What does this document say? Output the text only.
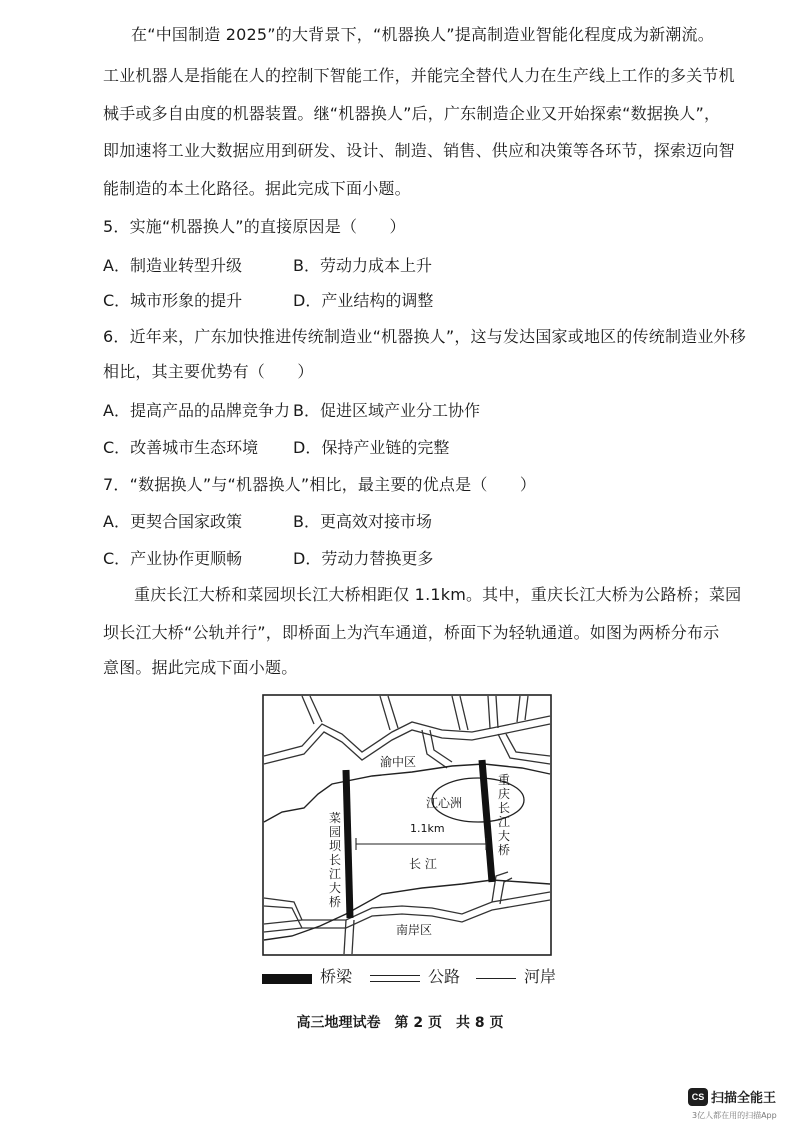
在“中国制造 2025”的大背景下，“机器换人”提高制造业智能化程度成为新潮流。
工业机器人是指能在人的控制下智能工作，并能完全替代人力在生产线上工作的多关节机
械手或多自由度的机器装置。继“机器换人”后，广东制造企业又开始探索“数据换人”，
即加速将工业大数据应用到研发、设计、制造、销售、供应和决策等各环节，探索迈向智
能制造的本土化路径。据此完成下面小题。
5．实施“机器换人”的直接原因是（　　）
A．制造业转型升级	B．劳动力成本上升
C．城市形象的提升	D．产业结构的调整
6．近年来，广东加快推进传统制造业“机器换人”，这与发达国家或地区的传统制造业外移
相比，其主要优势有（　　）
A．提高产品的品牌竞争力 B．促进区域产业分工协作
C．改善城市生态环境 D．保持产业链的完整
7．“数据换人”与“机器换人”相比，最主要的优点是（　　）
A．更契合国家政策	B．更高效对接市场
C．产业协作更顺畅	D．劳动力替换更多
重庆长江大桥和菜园坝长江大桥相距仅 1.1km。其中，重庆长江大桥为公路桥；菜园
坝长江大桥“公轨并行”，即桥面上为汽车通道，桥面下为轻轨通道。如图为两桥分布示
意图。据此完成下面小题。
渝中区
江心洲
1.1km
长 江
南岸区
菜园坝长江大桥
重庆长江大桥
桥梁	公路	河岸
高三地理试卷　第 2 页　共 8 页
CS 扫描全能王
3亿人都在用的扫描App
